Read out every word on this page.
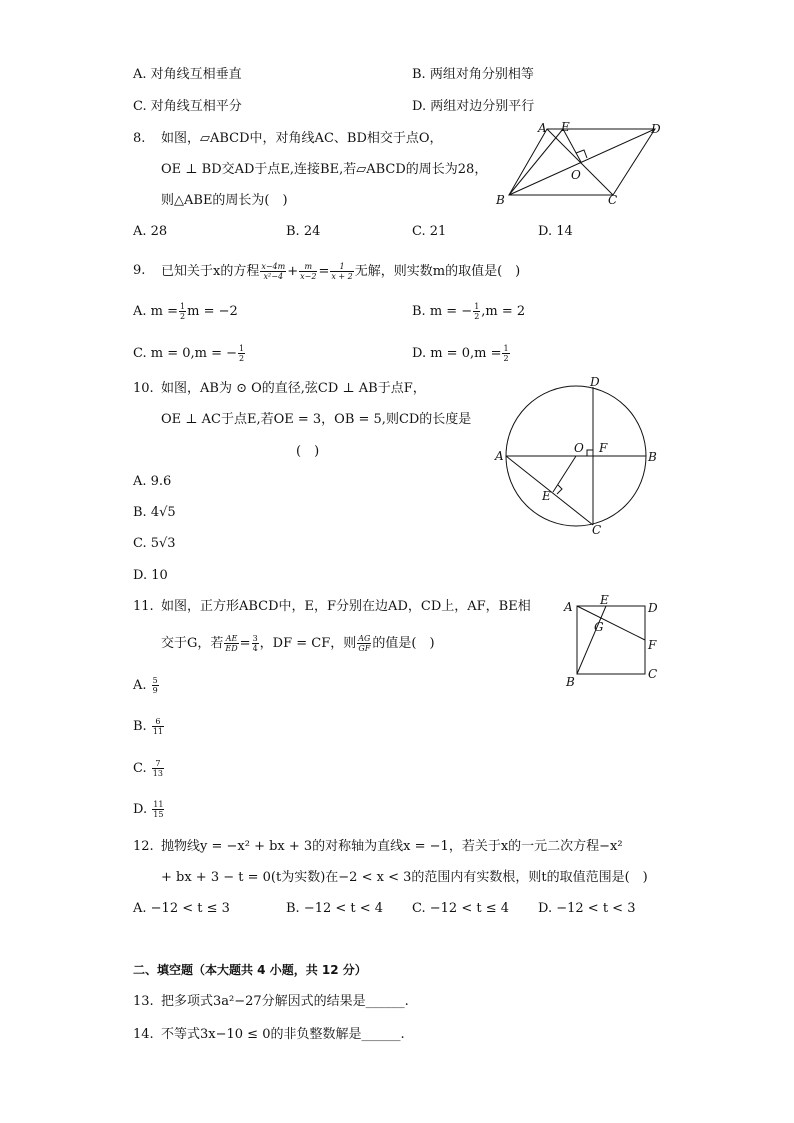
A. 对角线互相垂直	B. 两组对角分别相等
C. 对角线互相平分	D. 两组对边分别平行
8. 如图，▱ABCD中，对角线AC、BD相交于点O，
OE ⊥ BD交AD于点E,连接BE,若▱ABCD的周长为28，
则△ABE的周长为(　)
A. 28	B. 24	C. 21	D. 14
A E	D
O
B	C
9. 已知关于x的方程 $\frac{x-4m}{\text{x²−4}} + \frac{m}{x-2} = \frac{1}{x + 2}$ 无解，则实数m的取值是(　)
A. $m = \frac{1}{2}$ m = −2	B. m = − $\frac{1}{2} ,m = 2$
C. m = 0,m = − $\frac{1}{2}$	D. $m = 0,m = \frac{1}{2}$
10. 如图，AB为 ⊙ O的直径,弦CD ⊥ AB于点F，
OE ⊥ AC于点E,若OE = 3，OB = 5,则CD的长度是
(　)
A. 9.6
B. 4√5
C. 5√3
D. 10
D
O F
A	B
E
C
11. 如图，正方形ABCD中，E，F分别在边AD，CD上，AF，BE相
交于G，若 $\frac{AE}{ED} = \frac{3}{4}$ ，DF = CF，则 $\frac{AG}{GF}$ 的值是(　)
A. $\frac{5}{9}$
B. $\frac{6}{11}$
C. $\frac{7}{13}$
D. $\frac{11}{15}$
A E
D
G
F
B
C
12. 抛物线y = −x² + bx + 3的对称轴为直线x = −1，若关于x的一元二次方程−x²
+ bx + 3 − t = 0(t为实数)在−2 < x < 3的范围内有实数根，则t的取值范围是(　)
A. −12 < t ≤ 3	B. −12 < t < 4 C. −12 < t ≤ 4 D. −12 < t < 3
二、填空题（本大题共 4 小题，共 12 分）
13. 把多项式3a²−27分解因式的结果是______.
14. 不等式3x−10 ≤ 0的非负整数解是______.
